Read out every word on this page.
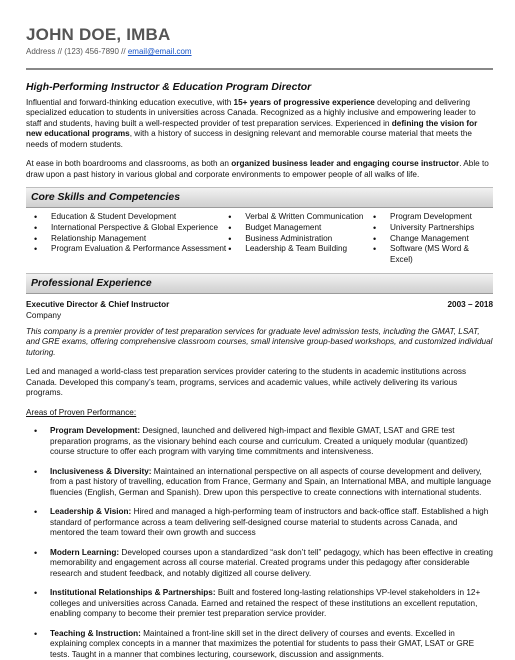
JOHN DOE, IMBA
Address // (123) 456-7890 // email@email.com
High-Performing Instructor & Education Program Director

Influential and forward-thinking education executive, with 15+ years of progressive experience developing and delivering specialized education to students in universities across Canada. Recognized as a highly inclusive and empowering leader to staff and students, having built a well-respected provider of test preparation services. Experienced in defining the vision for new educational programs, with a history of success in designing relevant and memorable course material that meets the needs of modern students.

At ease in both boardrooms and classrooms, as both an organized business leader and engaging course instructor. Able to draw upon a past history in various global and corporate environments to empower people of all walks of life.

Core Skills and Competencies
• Education & Student Development
• International Perspective & Global Experience
• Relationship Management
• Program Evaluation & Performance Assessment
• Verbal & Written Communication
• Budget Management
• Business Administration
• Leadership & Team Building
• Program Development
• University Partnerships
• Change Management
• Software (MS Word & Excel)
Professional Experience
Executive Director & Chief Instructor	2003 – 2018
Company

This company is a premier provider of test preparation services for graduate level admission tests, including the GMAT, LSAT, and GRE exams, offering comprehensive classroom courses, small intensive group-based workshops, and customized individual tutoring.

Led and managed a world-class test preparation services provider catering to the students in academic institutions across Canada. Developed this company’s team, programs, services and academic values, while actively delivering its various programs.

Areas of Proven Performance:
• Program Development: Designed, launched and delivered high-impact and flexible GMAT, LSAT and GRE test preparation programs, as the visionary behind each course and curriculum. Created a uniquely modular (quantized) course structure to offer each program with varying time commitments and intensiveness.
• Inclusiveness & Diversity: Maintained an international perspective on all aspects of course development and delivery, from a past history of travelling, education from France, Germany and Spain, an International MBA, and multiple language fluencies (English, German and Spanish). Drew upon this perspective to create connections with international students.
• Leadership & Vision: Hired and managed a high-performing team of instructors and back-office staff. Established a high standard of performance across a team delivering self-designed course material to students across Canada, and mentored the team toward their own growth and success
• Modern Learning: Developed courses upon a standardized “ask don’t tell” pedagogy, which has been effective in creating memorability and engagement across all course material. Created programs under this pedagogy after considerable research and student feedback, and notably digitized all course delivery.
• Institutional Relationships & Partnerships: Built and fostered long-lasting relationships VP-level stakeholders in 12+ colleges and universities across Canada. Earned and retained the respect of these institutions an excellent reputation, enabling company to become their premier test preparation service provider.
• Teaching & Instruction: Maintained a front-line skill set in the direct delivery of courses and events. Excelled in explaining complex concepts in a manner that maximizes the potential for students to pass their GMAT, LSAT or GRE tests. Taught in a manner that combines lecturing, coursework, discussion and assignments.
